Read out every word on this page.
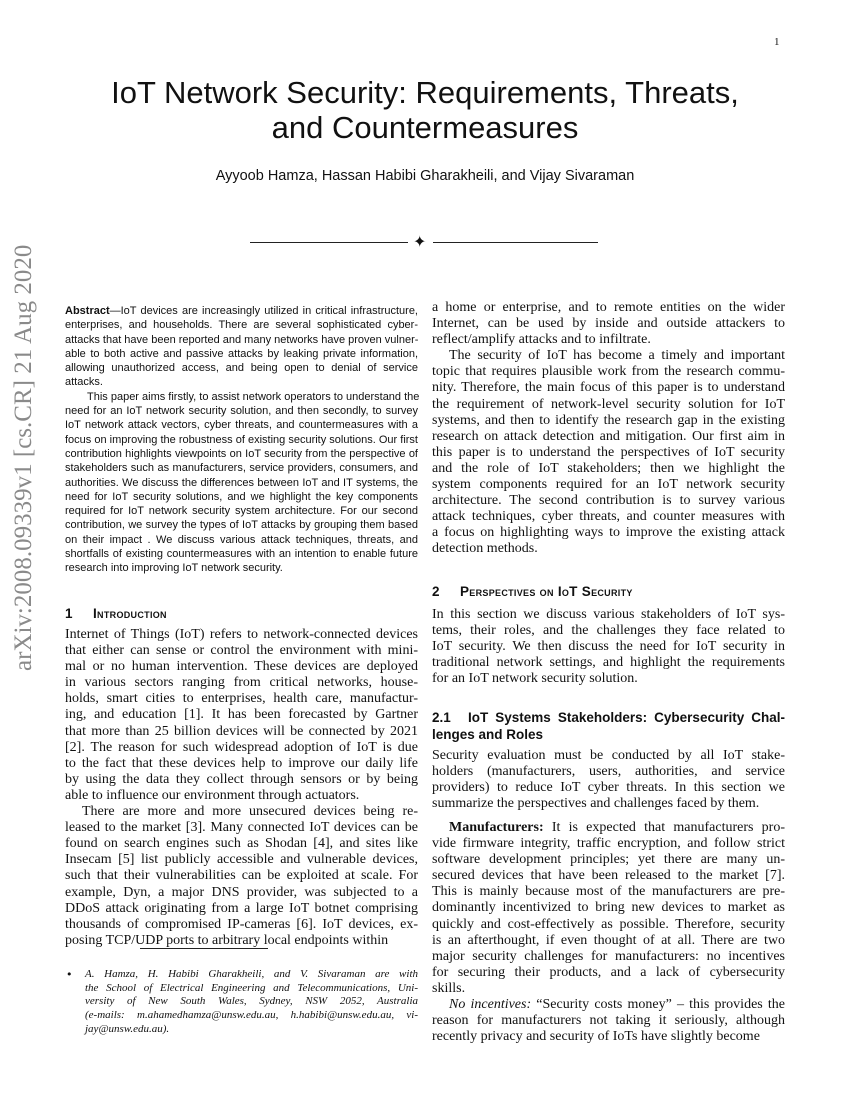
1
IoT Network Security: Requirements, Threats,
and Countermeasures
Ayyoob Hamza, Hassan Habibi Gharakheili, and Vijay Sivaraman
✦
arXiv:2008.09339v1 [cs.CR] 21 Aug 2020	Abstract—IoT devices are increasingly utilized in critical infrastructure,
enterprises, and households. There are several sophisticated cyber-
attacks that have been reported and many networks have proven vulner-
able to both active and passive attacks by leaking private information,
allowing unauthorized access, and being open to denial of service
attacks.
This paper aims firstly, to assist network operators to understand the
need for an IoT network security solution, and then secondly, to survey
IoT network attack vectors, cyber threats, and countermeasures with a
focus on improving the robustness of existing security solutions. Our first
contribution highlights viewpoints on IoT security from the perspective of
stakeholders such as manufacturers, service providers, consumers, and
authorities. We discuss the differences between IoT and IT systems, the
need for IoT security solutions, and we highlight the key components
required for IoT network security system architecture. For our second
contribution, we survey the types of IoT attacks by grouping them based
on their impact . We discuss various attack techniques, threats, and
shortfalls of existing countermeasures with an intention to enable future
research into improving IoT network security.
1 Introduction
Internet of Things (IoT) refers to network-connected devices
that either can sense or control the environment with mini-
mal or no human intervention. These devices are deployed
in various sectors ranging from critical networks, house-
holds, smart cities to enterprises, health care, manufactur-
ing, and education [1]. It has been forecasted by Gartner
that more than 25 billion devices will be connected by 2021
[2]. The reason for such widespread adoption of IoT is due
to the fact that these devices help to improve our daily life
by using the data they collect through sensors or by being
able to influence our environment through actuators.
There are more and more unsecured devices being re-
leased to the market [3]. Many connected IoT devices can be
found on search engines such as Shodan [4], and sites like
Insecam [5] list publicly accessible and vulnerable devices,
such that their vulnerabilities can be exploited at scale. For
example, Dyn, a major DNS provider, was subjected to a
DDoS attack originating from a large IoT botnet comprising
thousands of compromised IP-cameras [6]. IoT devices, ex-
posing TCP/UDP ports to arbitrary local endpoints within
• A. Hamza, H. Habibi Gharakheili, and V. Sivaraman are with
the School of Electrical Engineering and Telecommunications, Uni-
versity of New South Wales, Sydney, NSW 2052, Australia
(e-mails: m.ahamedhamza@unsw.edu.au, h.habibi@unsw.edu.au, vi-
jay@unsw.edu.au).
a home or enterprise, and to remote entities on the wider
Internet, can be used by inside and outside attackers to
reflect/amplify attacks and to infiltrate.
The security of IoT has become a timely and important
topic that requires plausible work from the research commu-
nity. Therefore, the main focus of this paper is to understand
the requirement of network-level security solution for IoT
systems, and then to identify the research gap in the existing
research on attack detection and mitigation. Our first aim in
this paper is to understand the perspectives of IoT security
and the role of IoT stakeholders; then we highlight the
system components required for an IoT network security
architecture. The second contribution is to survey various
attack techniques, cyber threats, and counter measures with
a focus on highlighting ways to improve the existing attack
detection methods.
2 Perspectives on IoT Security
In this section we discuss various stakeholders of IoT sys-
tems, their roles, and the challenges they face related to
IoT security. We then discuss the need for IoT security in
traditional network settings, and highlight the requirements
for an IoT network security solution.
2.1 IoT Systems Stakeholders: Cybersecurity Chal-
lenges and Roles
Security evaluation must be conducted by all IoT stake-
holders (manufacturers, users, authorities, and service
providers) to reduce IoT cyber threats. In this section we
summarize the perspectives and challenges faced by them.
Manufacturers: It is expected that manufacturers pro-
vide firmware integrity, traffic encryption, and follow strict
software development principles; yet there are many un-
secured devices that have been released to the market [7].
This is mainly because most of the manufacturers are pre-
dominantly incentivized to bring new devices to market as
quickly and cost-effectively as possible. Therefore, security
is an afterthought, if even thought of at all. There are two
major security challenges for manufacturers: no incentives
for securing their products, and a lack of cybersecurity
skills.
No incentives: “Security costs money” – this provides the
reason for manufacturers not taking it seriously, although
recently privacy and security of IoTs have slightly become
